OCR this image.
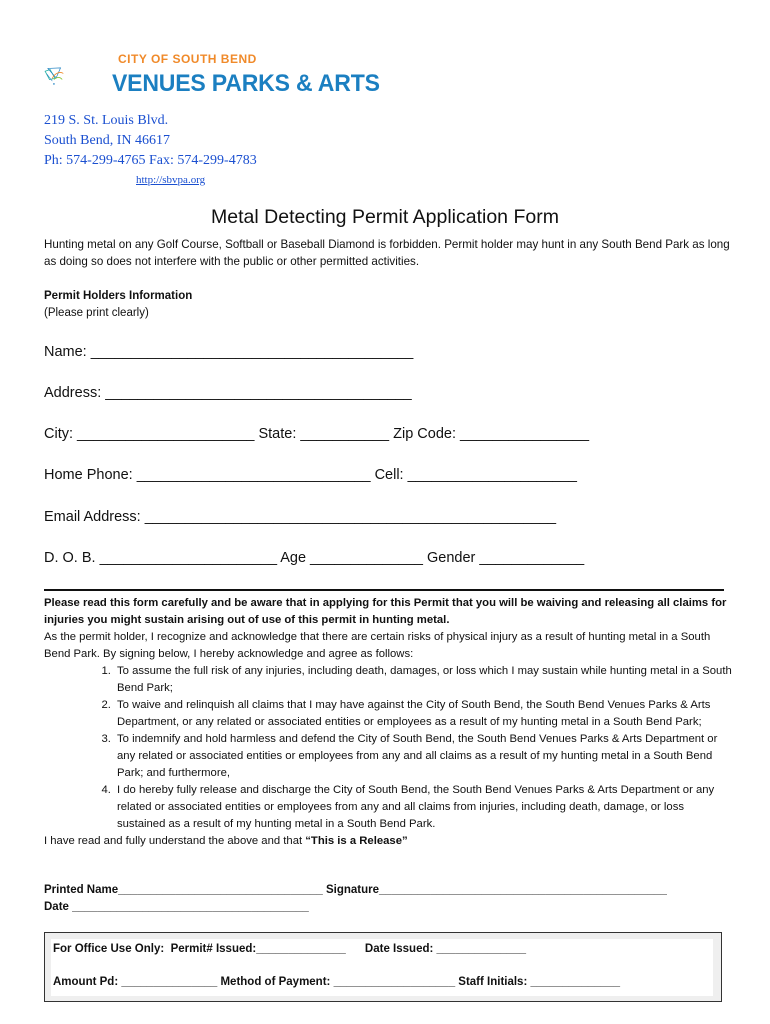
CITY OF SOUTH BEND
VENUES PARKS & ARTS
219 S. St. Louis Blvd.
South Bend, IN 46617
Ph: 574-299-4765 Fax: 574-299-4783
http://sbvpa.org
Metal Detecting Permit Application Form
Hunting metal on any Golf Course, Softball or Baseball Diamond is forbidden. Permit holder may hunt in any South Bend Park as long as doing so does not interfere with the public or other permitted activities.
Permit Holders Information
(Please print clearly)
Name: ________________________________________
Address: ______________________________________
City: ______________________ State: ___________ Zip Code: ________________
Home Phone: _____________________________ Cell: _____________________
Email Address: ___________________________________________________
D. O. B. ______________________ Age ______________ Gender _____________
Please read this form carefully and be aware that in applying for this Permit that you will be waiving and releasing all claims for injuries you might sustain arising out of use of this permit in hunting metal.
As the permit holder, I recognize and acknowledge that there are certain risks of physical injury as a result of hunting metal in a South Bend Park. By signing below, I hereby acknowledge and agree as follows:
1. To assume the full risk of any injuries, including death, damages, or loss which I may sustain while hunting metal in a South Bend Park;
2. To waive and relinquish all claims that I may have against the City of South Bend, the South Bend Venues Parks & Arts Department, or any related or associated entities or employees as a result of my hunting metal in a South Bend Park;
3. To indemnify and hold harmless and defend the City of South Bend, the South Bend Venues Parks & Arts Department or any related or associated entities or employees from any and all claims as a result of my hunting metal in a South Bend Park; and furthermore,
4. I do hereby fully release and discharge the City of South Bend, the South Bend Venues Parks & Arts Department or any related or associated entities or employees from any and all claims from injuries, including death, damage, or loss sustained as a result of my hunting metal in a South Bend Park.
I have read and fully understand the above and that “This is a Release”
Printed Name________________________________ Signature_____________________________________________
Date _____________________________________
For Office Use Only:  Permit# Issued:______________      Date Issued: ______________
Amount Pd: _______________ Method of Payment: ___________________ Staff Initials: ______________
